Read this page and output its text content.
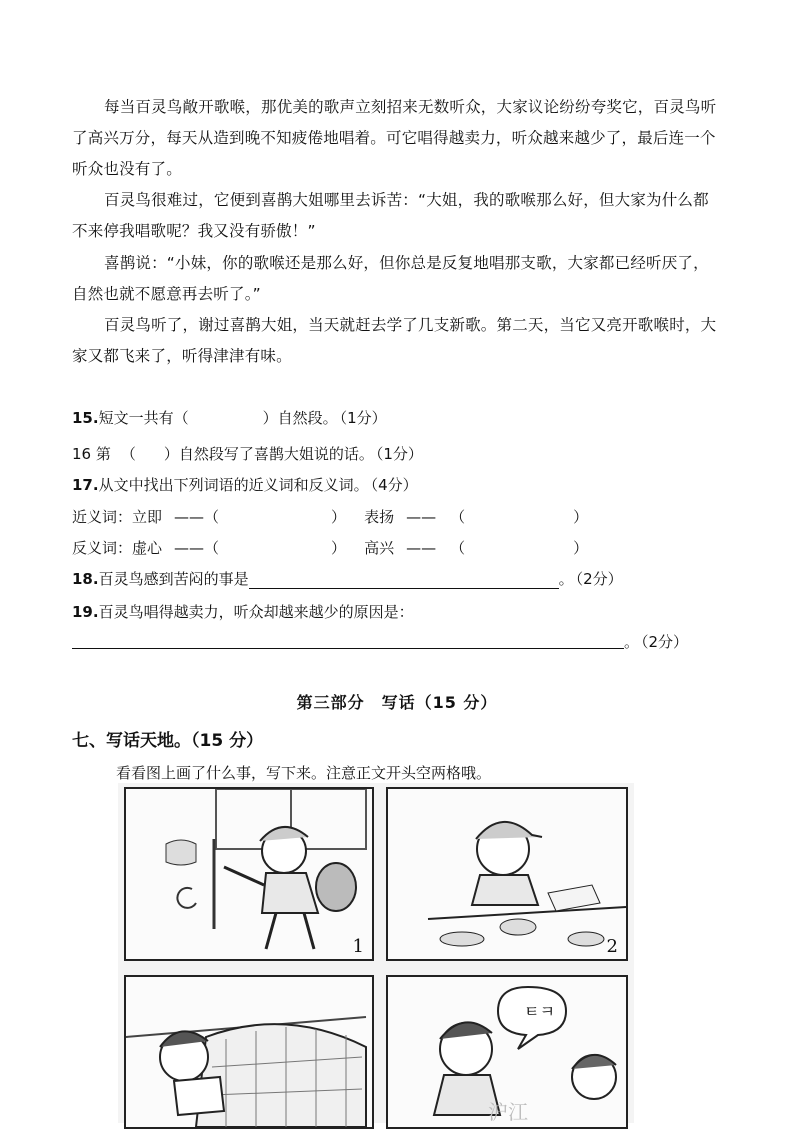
每当百灵鸟敞开歌喉，那优美的歌声立刻招来无数听众，大家议论纷纷夸奖它，百灵鸟听了高兴万分，每天从造到晚不知疲倦地唱着。可它唱得越卖力，听众越来越少了，最后连一个听众也没有了。

百灵鸟很难过，它便到喜鹊大姐哪里去诉苦：“大姐，我的歌喉那么好，但大家为什么都不来停我唱歌呢？我又没有骄傲！”

喜鹊说：“小妹，你的歌喉还是那么好，但你总是反复地唱那支歌，大家都已经听厌了，自然也就不愿意再去听了。”

百灵鸟听了，谢过喜鹊大姐，当天就赶去学了几支新歌。第二天，当它又亮开歌喉时，大家又都飞来了，听得津津有味。

15.短文一共有（	）自然段。 （1分）
16 第 （ ）自然段写了喜鹊大姐说的话。 （1分）
17.从文中找出下列词语的近义词和反义词。 （4分）
近义词：立即 ——（	） 表扬 —— （	）
反义词：虚心 ——（	） 高兴 —— （	）
18.百灵鸟感到苦闷的事是	。 （2分）
19.百灵鸟唱得越卖力，听众却越来越少的原因是：
。 （2分）
第三部分　写话（15 分）
七、写话天地。（15 分）
看看图上画了什么事，写下来。注意正文开头空两格哦。
1	2
ㅌㅋ
沪江
